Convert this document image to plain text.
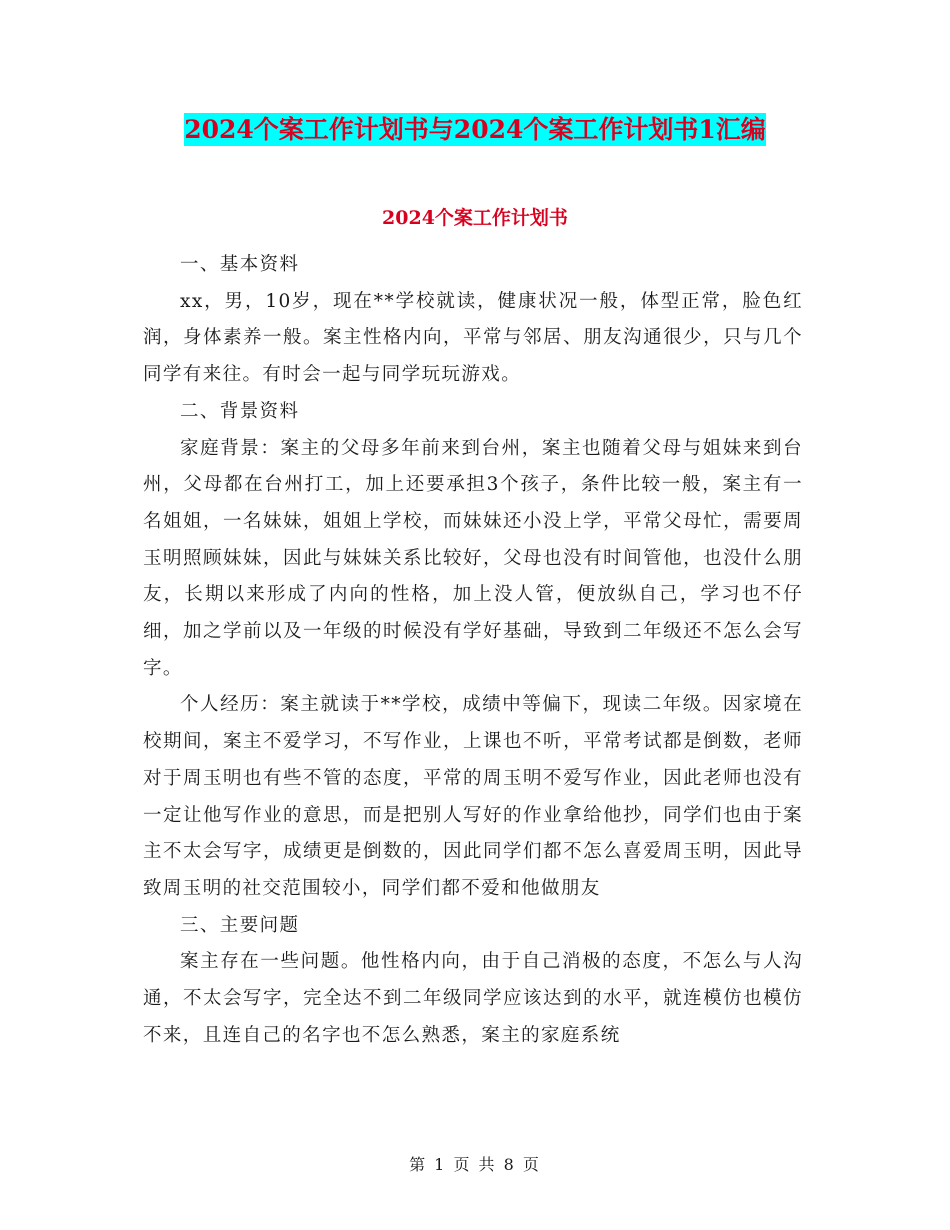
2024个案工作计划书与2024个案工作计划书1汇编
2024个案工作计划书

一、基本资料

xx，男，10岁，现在**学校就读，健康状况一般，体型正常，脸色红润，身体素养一般。案主性格内向，平常与邻居、朋友沟通很少，只与几个同学有来往。有时会一起与同学玩玩游戏。

二、背景资料

家庭背景：案主的父母多年前来到台州，案主也随着父母与姐妹来到台州，父母都在台州打工，加上还要承担3个孩子，条件比较一般，案主有一名姐姐，一名妹妹，姐姐上学校，而妹妹还小没上学，平常父母忙，需要周玉明照顾妹妹，因此与妹妹关系比较好，父母也没有时间管他，也没什么朋友，长期以来形成了内向的性格，加上没人管，便放纵自己，学习也不仔细，加之学前以及一年级的时候没有学好基础，导致到二年级还不怎么会写字。

个人经历：案主就读于**学校，成绩中等偏下，现读二年级。因家境在校期间，案主不爱学习，不写作业，上课也不听，平常考试都是倒数，老师对于周玉明也有些不管的态度，平常的周玉明不爱写作业，因此老师也没有一定让他写作业的意思，而是把别人写好的作业拿给他抄，同学们也由于案主不太会写字，成绩更是倒数的，因此同学们都不怎么喜爱周玉明，因此导致周玉明的社交范围较小，同学们都不爱和他做朋友

三、主要问题

案主存在一些问题。他性格内向，由于自己消极的态度，不怎么与人沟通，不太会写字，完全达不到二年级同学应该达到的水平，就连模仿也模仿不来，且连自己的名字也不怎么熟悉，案主的家庭系统

第 1 页 共 8 页
